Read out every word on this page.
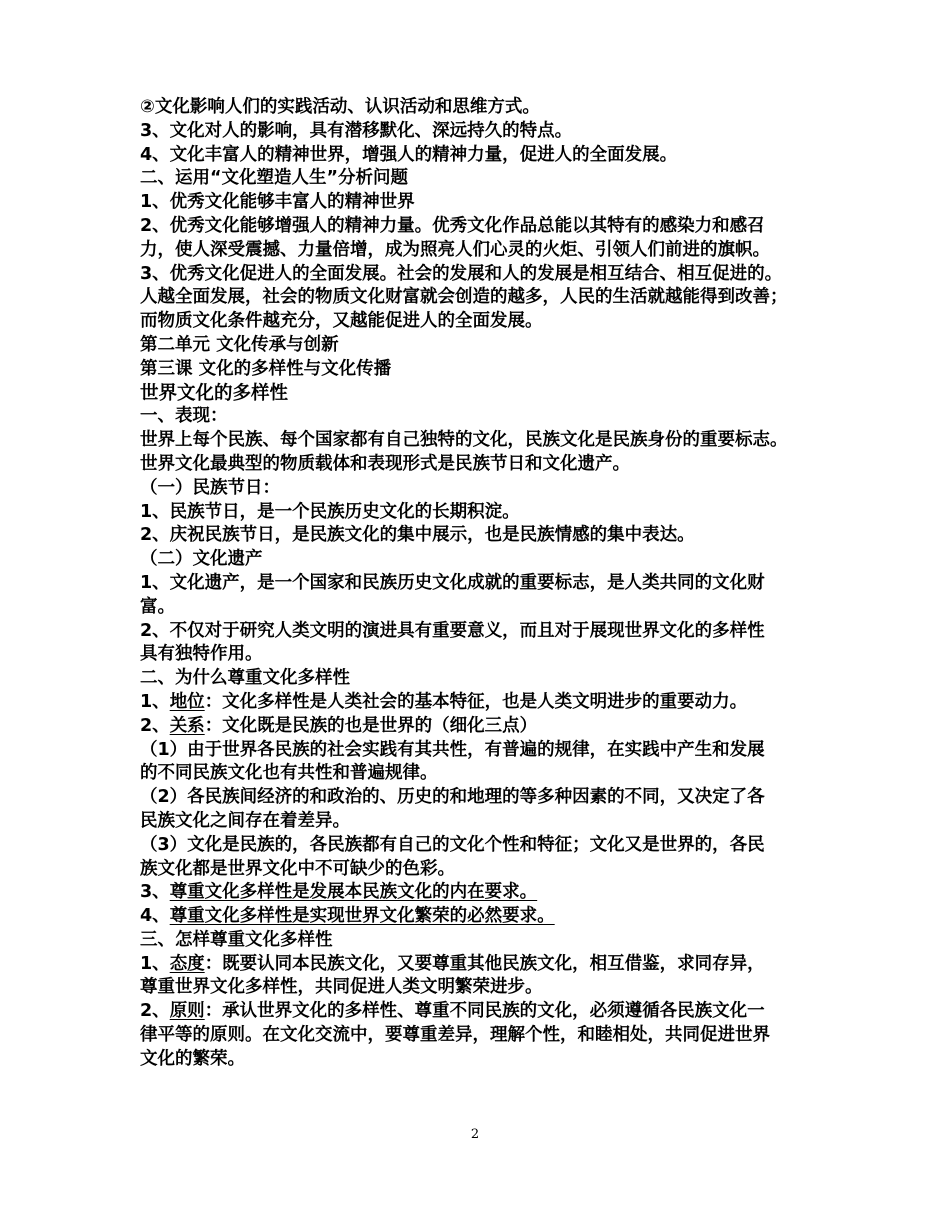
②文化影响人们的实践活动、认识活动和思维方式。
3、文化对人的影响，具有潜移默化、深远持久的特点。
4、文化丰富人的精神世界，增强人的精神力量，促进人的全面发展。
二、运用“文化塑造人生”分析问题
1、优秀文化能够丰富人的精神世界
2、优秀文化能够增强人的精神力量。优秀文化作品总能以其特有的感染力和感召
力，使人深受震撼、力量倍增，成为照亮人们心灵的火炬、引领人们前进的旗帜。
3、优秀文化促进人的全面发展。社会的发展和人的发展是相互结合、相互促进的。
人越全面发展，社会的物质文化财富就会创造的越多，人民的生活就越能得到改善；
而物质文化条件越充分，又越能促进人的全面发展。
第二单元 文化传承与创新
第三课 文化的多样性与文化传播
世界文化的多样性
一、表现：
世界上每个民族、每个国家都有自己独特的文化，民族文化是民族身份的重要标志。
世界文化最典型的物质载体和表现形式是民族节日和文化遗产。
（一）民族节日：
1、民族节日，是一个民族历史文化的长期积淀。
2、庆祝民族节日，是民族文化的集中展示，也是民族情感的集中表达。
（二）文化遗产
1、文化遗产，是一个国家和民族历史文化成就的重要标志，是人类共同的文化财
富。
2、不仅对于研究人类文明的演进具有重要意义，而且对于展现世界文化的多样性
具有独特作用。
二、为什么尊重文化多样性
1、地位：文化多样性是人类社会的基本特征，也是人类文明进步的重要动力。
2、关系：文化既是民族的也是世界的（细化三点）
（1）由于世界各民族的社会实践有其共性，有普遍的规律，在实践中产生和发展
的不同民族文化也有共性和普遍规律。
（2）各民族间经济的和政治的、历史的和地理的等多种因素的不同，又决定了各
民族文化之间存在着差异。
（3）文化是民族的，各民族都有自己的文化个性和特征；文化又是世界的，各民
族文化都是世界文化中不可缺少的色彩。
3、尊重文化多样性是发展本民族文化的内在要求。
4、尊重文化多样性是实现世界文化繁荣的必然要求。
三、怎样尊重文化多样性
1、态度：既要认同本民族文化，又要尊重其他民族文化，相互借鉴，求同存异，
尊重世界文化多样性，共同促进人类文明繁荣进步。
2、原则：承认世界文化的多样性、尊重不同民族的文化，必须遵循各民族文化一
律平等的原则。在文化交流中，要尊重差异，理解个性，和睦相处，共同促进世界
文化的繁荣。
2
